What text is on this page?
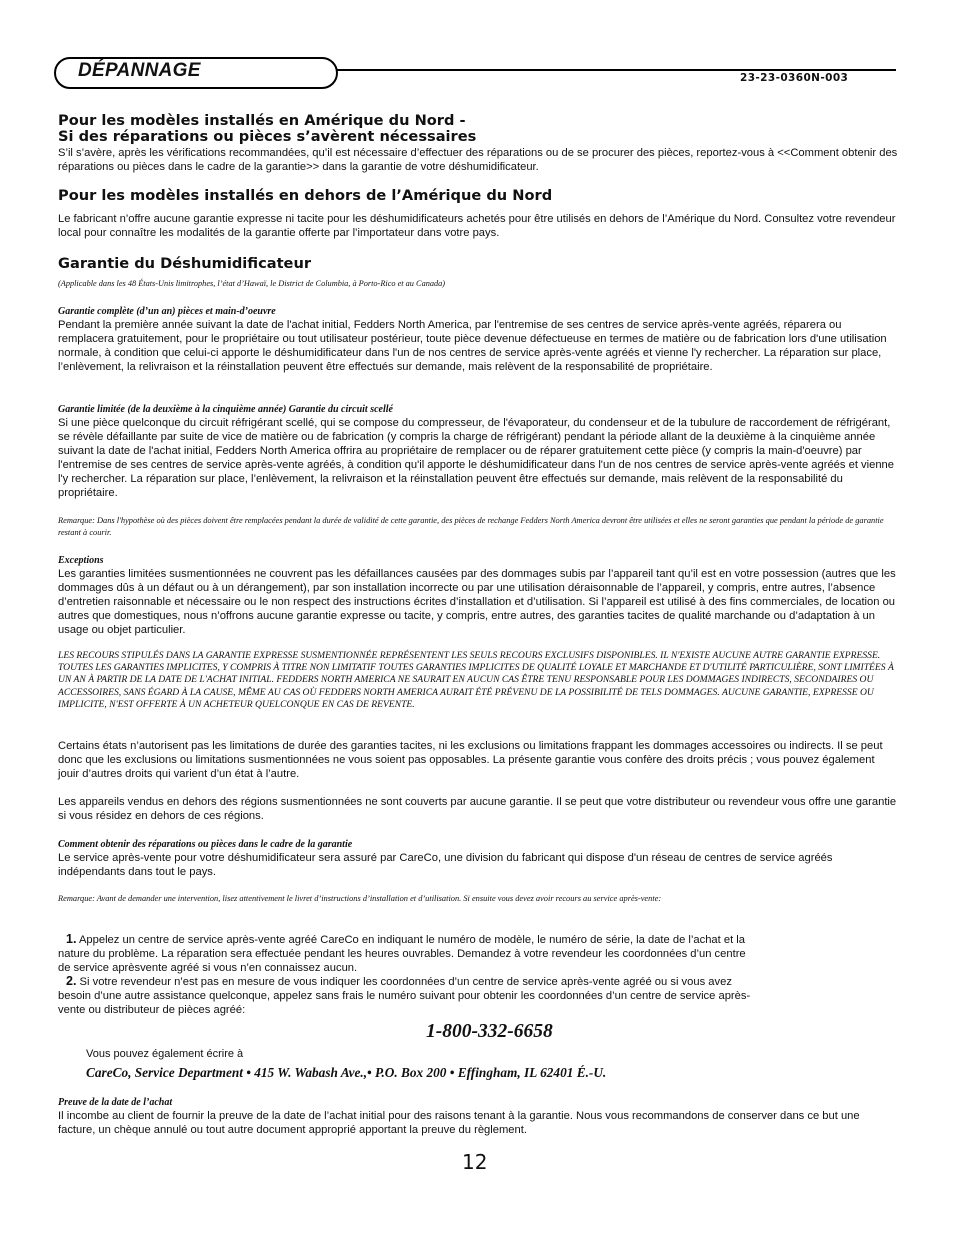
DÉPANNAGE	23-23-0360N-003
Pour les modèles installés en Amérique du Nord -
Si des réparations ou pièces s’avèrent nécessaires
S’il s’avère, après les vérifications recommandées, qu’il est nécessaire d’effectuer des réparations ou de se procurer des pièces, reportez-vous à <<Comment obtenir des réparations ou pièces dans le cadre de la garantie>> dans la garantie de votre déshumidificateur.
Pour les modèles installés en dehors de l’Amérique du Nord
Le fabricant n’offre aucune garantie expresse ni tacite pour les déshumidificateurs achetés pour être utilisés en dehors de l’Amérique du Nord. Consultez votre revendeur local pour connaître les modalités de la garantie offerte par l’importateur dans votre pays.
Garantie du Déshumidificateur
(Applicable dans les 48 États-Unis limitrophes, l’état d’Hawaï, le District de Columbia, à Porto-Rico et au Canada)
Garantie complète (d’un an) pièces et main-d’oeuvre
Pendant la première année suivant la date de l'achat initial, Fedders North America, par l'entremise de ses centres de service après-vente agréés, réparera ou remplacera gratuitement, pour le propriétaire ou tout utilisateur postérieur, toute pièce devenue défectueuse en termes de matière ou de fabrication lors d'une utilisation normale, à condition que celui-ci apporte le déshumidificateur dans l'un de nos centres de service après-vente agréés et vienne l'y rechercher. La réparation sur place, l’enlèvement, la relivraison et la réinstallation peuvent être effectués sur demande, mais relèvent de la responsabilité de propriétaire.
Garantie limitée (de la deuxième à la cinquième année) Garantie du circuit scellé
Si une pièce quelconque du circuit réfrigérant scellé, qui se compose du compresseur, de l'évaporateur, du condenseur et de la tubulure de raccordement de réfrigérant, se révèle défaillante par suite de vice de matière ou de fabrication (y compris la charge de réfrigérant) pendant la période allant de la deuxième à la cinquième année suivant la date de l'achat initial, Fedders North America offrira au propriétaire de remplacer ou de réparer gratuitement cette pièce (y compris la main-d'oeuvre) par l'entremise de ses centres de service après-vente agréés, à condition qu'il apporte le déshumidificateur dans l'un de nos centres de service après-vente agréés et vienne l'y rechercher. La réparation sur place, l’enlèvement, la relivraison et la réinstallation peuvent être effectués sur demande, mais relèvent de la responsabilité du propriétaire.
Remarque: Dans l'hypothèse où des pièces doivent être remplacées pendant la durée de validité de cette garantie, des pièces de rechange Fedders North America devront être utilisées et elles ne seront garanties que pendant la période de garantie restant à courir.
Exceptions
Les garanties limitées susmentionnées ne couvrent pas les défaillances causées par des dommages subis par l’appareil tant qu’il est en votre possession (autres que les dommages dûs à un défaut ou à un dérangement), par son installation incorrecte ou par une utilisation déraisonnable de l’appareil, y compris, entre autres, l’absence d’entretien raisonnable et nécessaire ou le non respect des instructions écrites d’installation et d’utilisation. Si l’appareil est utilisé à des fins commerciales, de location ou autres que domestiques, nous n’offrons aucune garantie expresse ou tacite, y compris, entre autres, des garanties tacites de qualité marchande ou d’adaptation à un usage ou objet particulier.
LES RECOURS STIPULÉS DANS LA GARANTIE EXPRESSE SUSMENTIONNÉE REPRÉSENTENT LES SEULS RECOURS EXCLUSIFS DISPONIBLES. IL N'EXISTE AUCUNE AUTRE GARANTIE EXPRESSE. TOUTES LES GARANTIES IMPLICITES, Y COMPRIS À TITRE NON LIMITATIF TOUTES GARANTIES IMPLICITES DE QUALITÉ LOYALE ET MARCHANDE ET D'UTILITÉ PARTICULIÈRE, SONT LIMITÉES À UN AN À PARTIR DE LA DATE DE L'ACHAT INITIAL. FEDDERS NORTH AMERICA NE SAURAIT EN AUCUN CAS ÊTRE TENU RESPONSABLE POUR LES DOMMAGES INDIRECTS, SECONDAIRES OU ACCESSOIRES, SANS ÉGARD À LA CAUSE, MÊME AU CAS OÙ FEDDERS NORTH AMERICA AURAIT ÉTÉ PRÉVENU DE LA POSSIBILITÉ DE TELS DOMMAGES. AUCUNE GARANTIE, EXPRESSE OU IMPLICITE, N'EST OFFERTE À UN ACHETEUR QUELCONQUE EN CAS DE REVENTE.
Certains états n’autorisent pas les limitations de durée des garanties tacites, ni les exclusions ou limitations frappant les dommages accessoires ou indirects. Il se peut donc que les exclusions ou limitations susmentionnées ne vous soient pas opposables. La présente garantie vous confère des droits précis ; vous pouvez également jouir d’autres droits qui varient d’un état à l’autre.
Les appareils vendus en dehors des régions susmentionnées ne sont couverts par aucune garantie. Il se peut que votre distributeur ou revendeur vous offre une garantie si vous résidez en dehors de ces régions.
Comment obtenir des réparations ou pièces dans le cadre de la garantie
Le service après-vente pour votre déshumidificateur sera assuré par CareCo, une division du fabricant qui dispose d'un réseau de centres de service agréés indépendants dans tout le pays.
Remarque: Avant de demander une intervention, lisez attentivement le livret d’instructions d’installation et d’utilisation. Si ensuite vous devez avoir recours au service après-vente:
1. Appelez un centre de service après-vente agréé CareCo en indiquant le numéro de modèle, le numéro de série, la date de l’achat et la nature du problème. La réparation sera effectuée pendant les heures ouvrables. Demandez à votre revendeur les coordonnées d’un centre de service aprèsvente agréé si vous n’en connaissez aucun.
2. Si votre revendeur n’est pas en mesure de vous indiquer les coordonnées d’un centre de service après-vente agréé ou si vous avez besoin d’une autre assistance quelconque, appelez sans frais le numéro suivant pour obtenir les coordonnées d’un centre de service après-vente ou distributeur de pièces agréé:
1-800-332-6658
Vous pouvez également écrire à
CareCo, Service Department • 415 W. Wabash Ave.,• P.O. Box 200 • Effingham, IL 62401 É.-U.
Preuve de la date de l’achat
Il incombe au client de fournir la preuve de la date de l’achat initial pour des raisons tenant à la garantie. Nous vous recommandons de conserver dans ce but une facture, un chèque annulé ou tout autre document approprié apportant la preuve du règlement.
12
